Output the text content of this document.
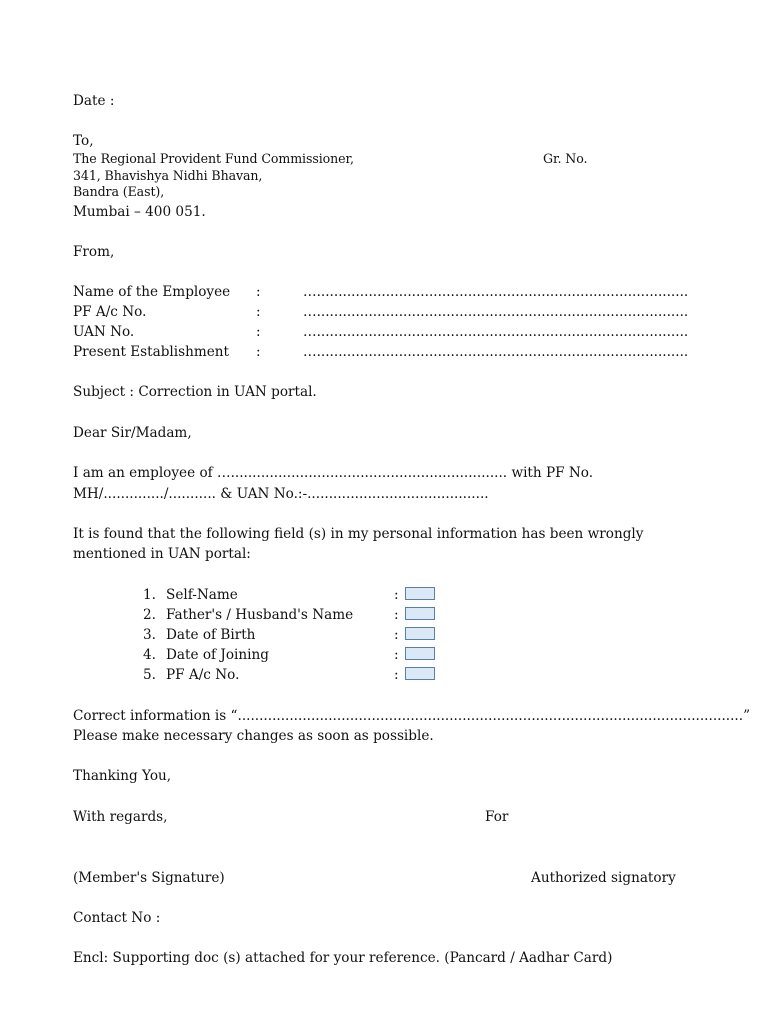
Date :
To,
The Regional Provident Fund Commissioner,	Gr. No.
341, Bhavishya Nidhi Bhavan,
Bandra (East),
Mumbai – 400 051.
From,
Name of the Employee :	…......................................................................................
PF A/c No.	:	…......................................................................................
UAN No.	:	…......................................................................................
Present Establishment :	…......................................................................................
Subject : Correction in UAN portal.
Dear Sir/Madam,
I am an employee of …................................................................ with PF No.
MH/............../........... & UAN No.:-..........................................
It is found that the following field (s) in my personal information has been wrongly
mentioned in UAN portal:
1. Self-Name	:
2. Father's / Husband's Name	:
3. Date of Birth	:
4. Date of Joining	:
5. PF A/c No.	:
Correct information is “.....................................................................................................................”
Please make necessary changes as soon as possible.
Thanking You,
With regards,	For
(Member's Signature)	Authorized signatory
Contact No :
Encl: Supporting doc (s) attached for your reference. (Pancard / Aadhar Card)
